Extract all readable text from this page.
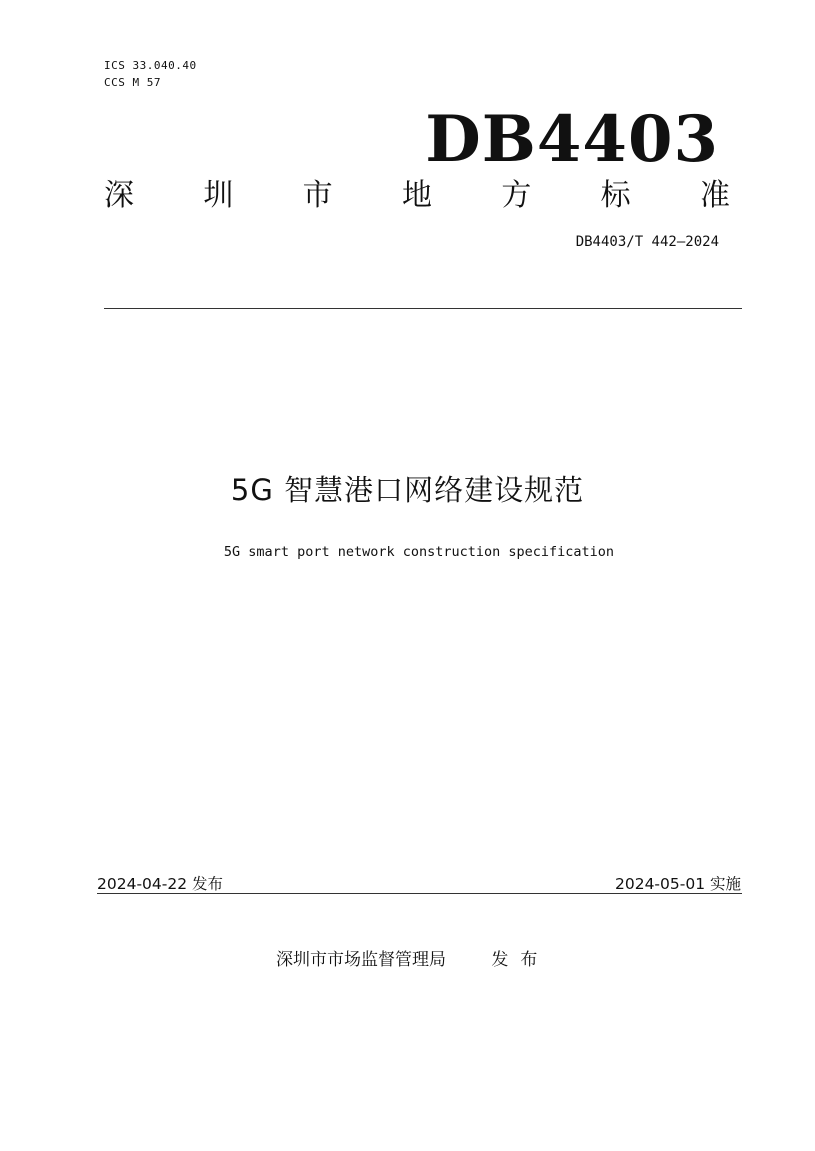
ICS 33.040.40
CCS M 57
DB4403
深 圳 市 地 方 标 准
DB4403/T 442—2024
5G 智慧港口网络建设规范
5G smart port network construction specification
2024-04-22 发布	2024-05-01 实施
深圳市市场监督管理局	发布
